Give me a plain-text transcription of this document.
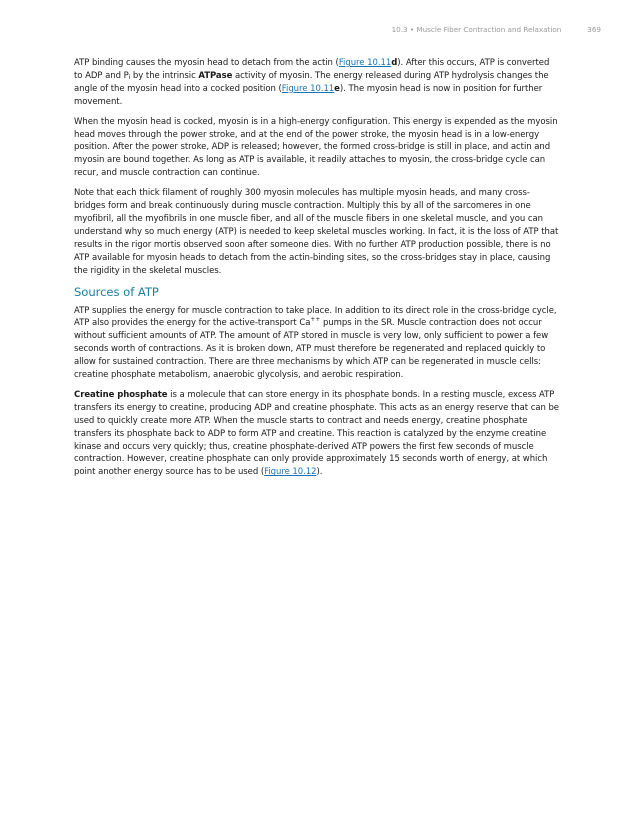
10.3 • Muscle Fiber Contraction and Relaxation	369

ATP binding causes the myosin head to detach from the actin (Figure 10.11d). After this occurs, ATP is converted to ADP and $P_i$ by the intrinsic ATPase activity of myosin. The energy released during ATP hydrolysis changes the angle of the myosin head into a cocked position (Figure 10.11e). The myosin head is now in position for further movement.

When the myosin head is cocked, myosin is in a high-energy configuration. This energy is expended as the myosin head moves through the power stroke, and at the end of the power stroke, the myosin head is in a low-energy position. After the power stroke, ADP is released; however, the formed cross-bridge is still in place, and actin and myosin are bound together. As long as ATP is available, it readily attaches to myosin, the cross-bridge cycle can recur, and muscle contraction can continue.

Note that each thick filament of roughly 300 myosin molecules has multiple myosin heads, and many cross-bridges form and break continuously during muscle contraction. Multiply this by all of the sarcomeres in one myofibril, all the myofibrils in one muscle fiber, and all of the muscle fibers in one skeletal muscle, and you can understand why so much energy (ATP) is needed to keep skeletal muscles working. In fact, it is the loss of ATP that results in the rigor mortis observed soon after someone dies. With no further ATP production possible, there is no ATP available for myosin heads to detach from the actin-binding sites, so the cross-bridges stay in place, causing the rigidity in the skeletal muscles.

Sources of ATP

ATP supplies the energy for muscle contraction to take place. In addition to its direct role in the cross-bridge cycle, ATP also provides the energy for the active-transport Ca++ pumps in the SR. Muscle contraction does not occur without sufficient amounts of ATP. The amount of ATP stored in muscle is very low, only sufficient to power a few seconds worth of contractions. As it is broken down, ATP must therefore be regenerated and replaced quickly to allow for sustained contraction. There are three mechanisms by which ATP can be regenerated in muscle cells: creatine phosphate metabolism, anaerobic glycolysis, and aerobic respiration.

Creatine phosphate is a molecule that can store energy in its phosphate bonds. In a resting muscle, excess ATP transfers its energy to creatine, producing ADP and creatine phosphate. This acts as an energy reserve that can be used to quickly create more ATP. When the muscle starts to contract and needs energy, creatine phosphate transfers its phosphate back to ADP to form ATP and creatine. This reaction is catalyzed by the enzyme creatine kinase and occurs very quickly; thus, creatine phosphate-derived ATP powers the first few seconds of muscle contraction. However, creatine phosphate can only provide approximately 15 seconds worth of energy, at which point another energy source has to be used (Figure 10.12).
